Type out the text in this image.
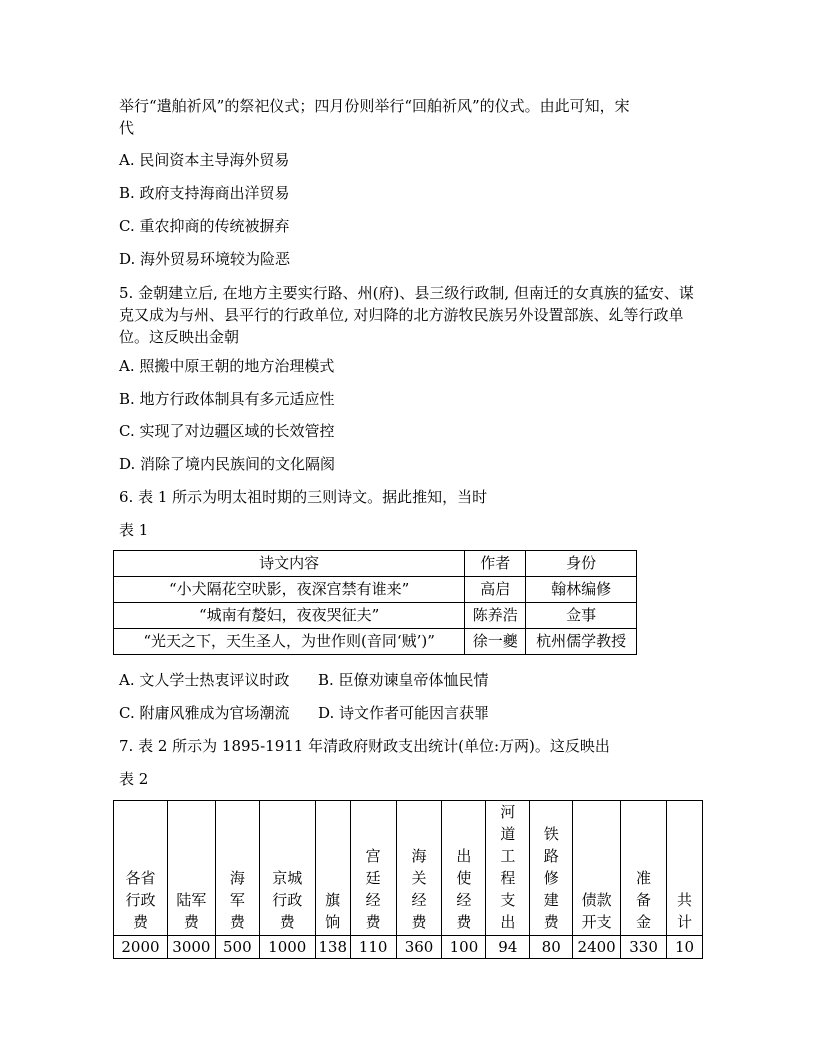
举行“遣舶祈风”的祭祀仪式；四月份则举行“回舶祈风”的仪式。由此可知，宋
代
A. 民间资本主导海外贸易
B. 政府支持海商出洋贸易
C. 重农抑商的传统被摒弃
D. 海外贸易环境较为险恶
5. 金朝建立后, 在地方主要实行路、州(府)、县三级行政制, 但南迁的女真族的猛安、谋克又成为与州、县平行的行政单位, 对归降的北方游牧民族另外设置部族、乣等行政单位。这反映出金朝
A. 照搬中原王朝的地方治理模式
B. 地方行政体制具有多元适应性
C. 实现了对边疆区域的长效管控
D. 消除了境内民族间的文化隔阂
6. 表 1 所示为明太祖时期的三则诗文。据此推知，当时
表 1
诗文内容	作者	身份
“小犬隔花空吠影，夜深宫禁有谁来”	高启	翰林编修
“城南有嫠妇，夜夜哭征夫”	陈养浩	佥事
“光天之下，天生圣人，为世作则(音同‘贼’)”	徐一夔	杭州儒学教授
A. 文人学士热衷评议时政 B. 臣僚劝谏皇帝体恤民情
C. 附庸风雅成为官场潮流 D. 诗文作者可能因言获罪
7. 表 2 所示为 1895-1911 年清政府财政支出统计(单位:万两)。这反映出
表 2
各省行政费	陆军费	海军费	京城行政费	旗饷	宫廷经费	海关经费	出使经费	河道工程支出	铁路修建费	债款开支	准备金	共计
2000	3000	500	1000	138	110	360	100	94	80	2400	330	10
